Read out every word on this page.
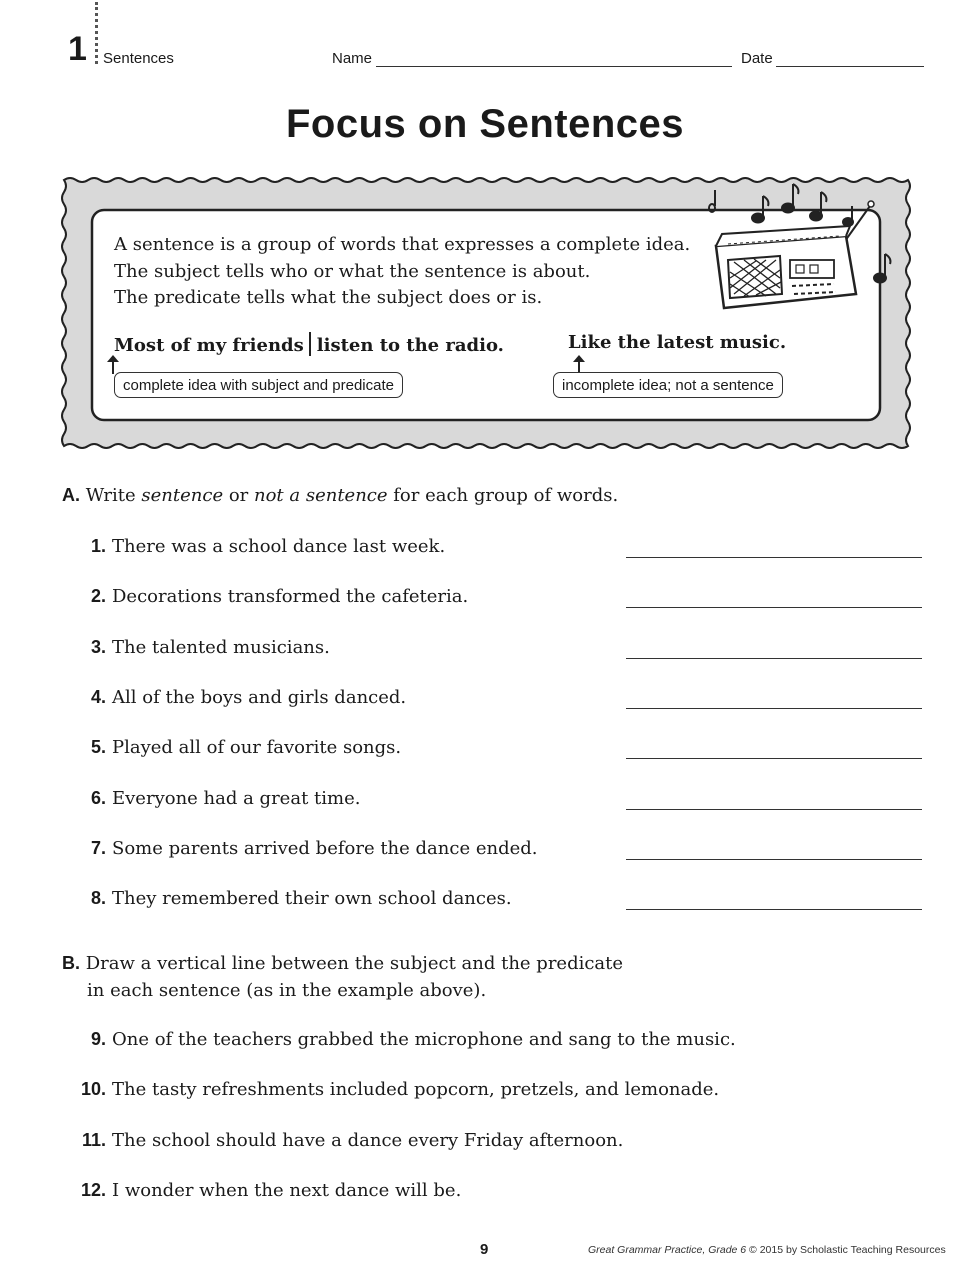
1 Sentences	Name	Date
Focus on Sentences
A sentence is a group of words that expresses a complete idea.
The subject tells who or what the sentence is about.
The predicate tells what the subject does or is.
Most of my friends listen to the radio.	Like the latest music.
complete idea with subject and predicate	incomplete idea; not a sentence
A. Write sentence or not a sentence for each group of words.
1. There was a school dance last week.
2. Decorations transformed the cafeteria.
3. The talented musicians.
4. All of the boys and girls danced.
5. Played all of our favorite songs.
6. Everyone had a great time.
7. Some parents arrived before the dance ended.
8. They remembered their own school dances.
B. Draw a vertical line between the subject and the predicate
in each sentence (as in the example above).
9. One of the teachers grabbed the microphone and sang to the music.
10. The tasty refreshments included popcorn, pretzels, and lemonade.
11. The school should have a dance every Friday afternoon.
12. I wonder when the next dance will be.
9	Great Grammar Practice, Grade 6 © 2015 by Scholastic Teaching Resources
